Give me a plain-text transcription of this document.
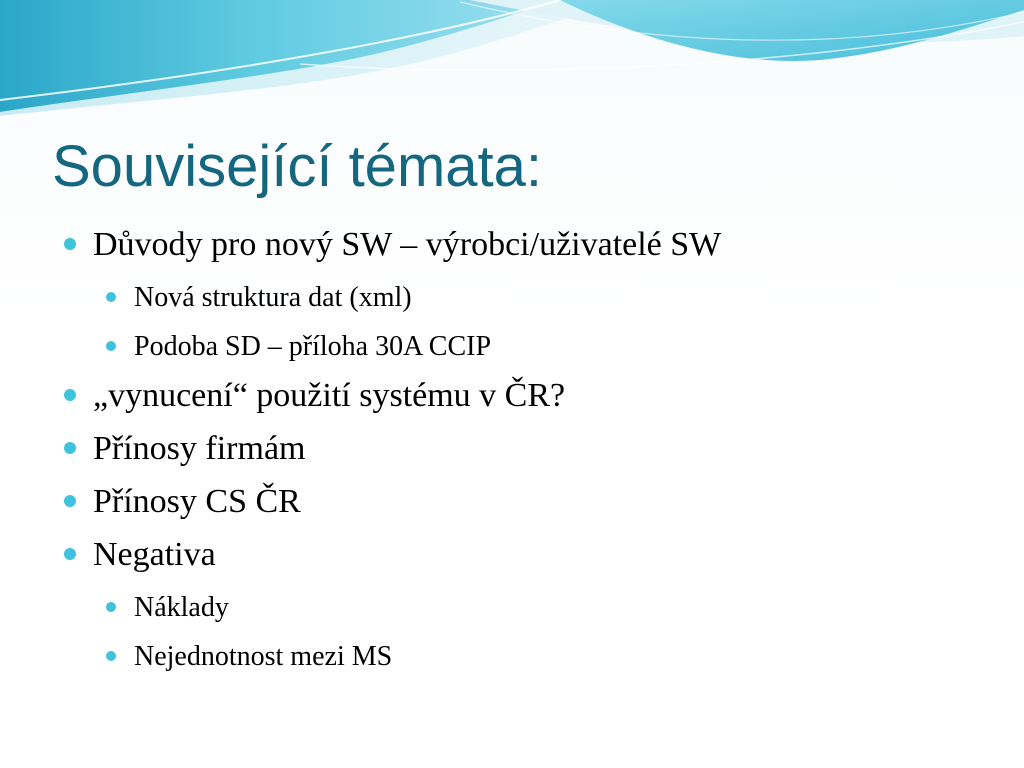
Související témata:
Důvody pro nový SW – výrobci/uživatelé SW
Nová struktura dat (xml)
Podoba SD – příloha 30A CCIP
„vynucení“ použití systému v ČR?
Přínosy firmám
Přínosy CS ČR
Negativa
Náklady
Nejednotnost mezi MS
